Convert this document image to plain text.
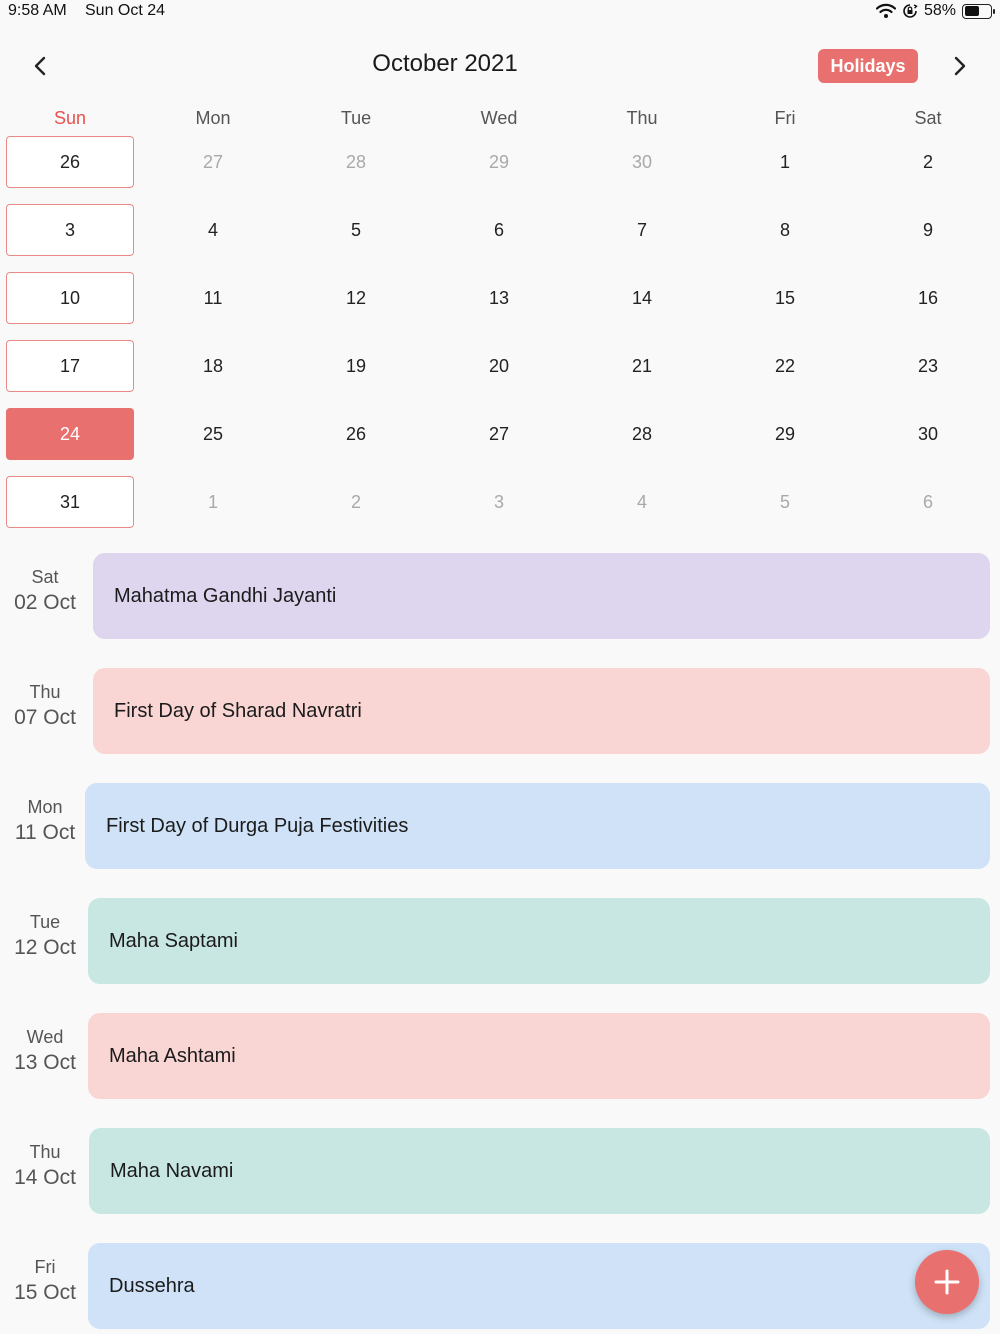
9:58 AM Sun Oct 24	58%
October 2021	Holidays
Sun	Mon	Tue	Wed	Thu	Fri	Sat
26	27	28	29	30	1	2
3	4	5	6	7	8	9
10	11	12	13	14	15	16
17	18	19	20	21	22	23
24	25	26	27	28	29	30
31	1	2	3	4	5	6
Sat
02 Oct	Mahatma Gandhi Jayanti
Thu
07 Oct	First Day of Sharad Navratri
Mon
11 Oct	First Day of Durga Puja Festivities
Tue
12 Oct	Maha Saptami
Wed
13 Oct	Maha Ashtami
Thu
14 Oct	Maha Navami
Fri
15 Oct	Dussehra
